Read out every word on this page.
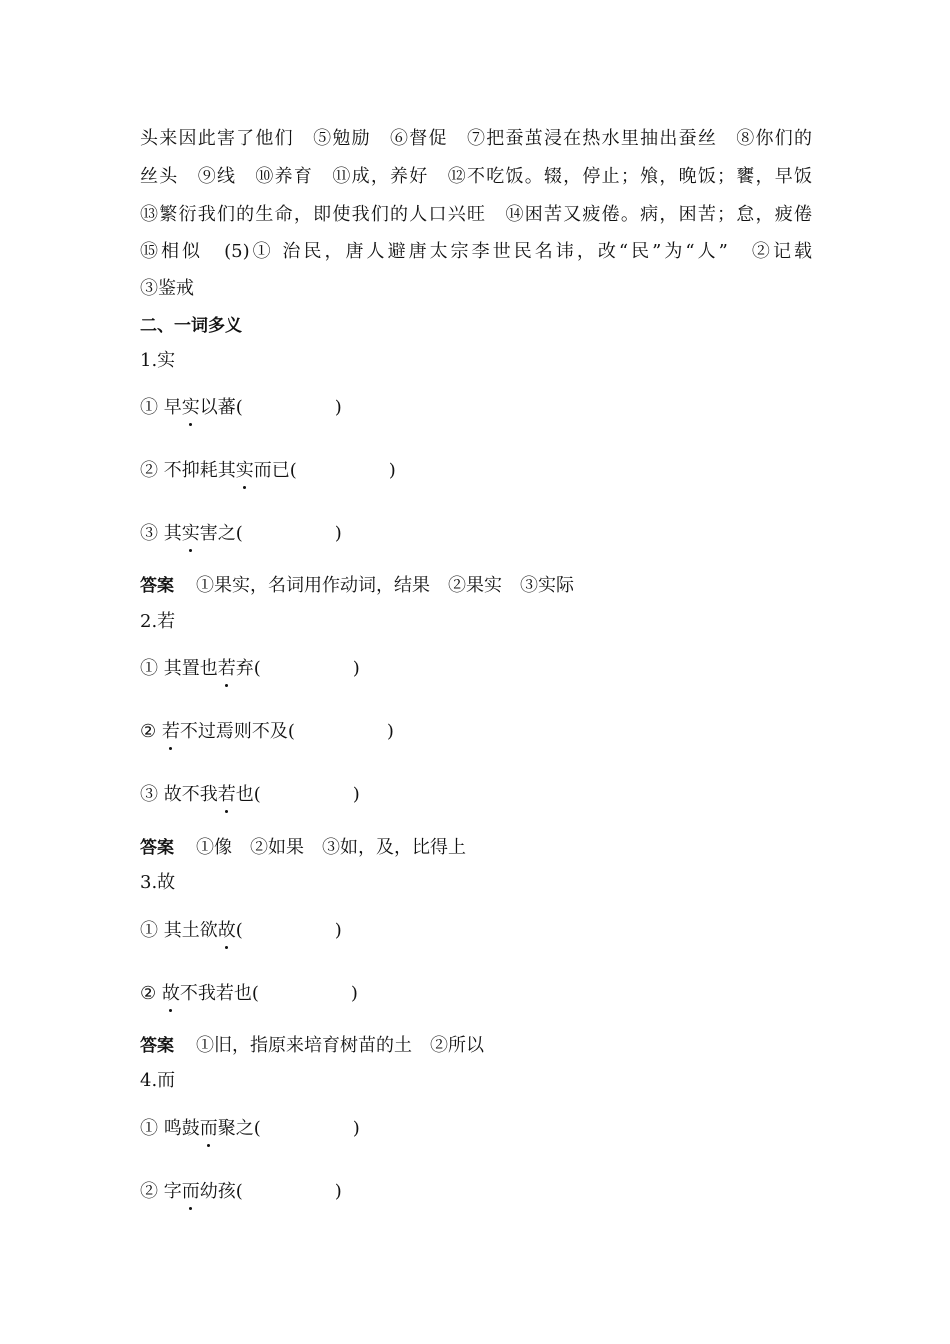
头来因此害了他们　⑤勉励　⑥督促　⑦把蚕茧浸在热水里抽出蚕丝　⑧你们的
丝头　⑨线　⑩养育　⑪成，养好　⑫不吃饭。辍，停止；飧，晚饭；饔，早饭
⑬繁衍我们的生命，即使我们的人口兴旺　⑭困苦又疲倦。病，困苦；怠，疲倦
⑮相似　(5)① 治民，唐人避唐太宗李世民名讳，改“民”为“人”　②记载
③鉴戒
二、一词多义
1.实
① 早实以蕃(	)
② 不抑耗其实而已(	)
③ 其实害之(	)
答案 ①果实，名词用作动词，结果　②果实　③实际
2.若
① 其置也若弃(	)
② 若不过焉则不及(	)
③ 故不我若也(	)
答案 ①像　②如果　③如，及，比得上
3.故
① 其土欲故(	)
② 故不我若也(	)
答案 ①旧，指原来培育树苗的土　②所以
4.而
① 鸣鼓而聚之(	)
② 字而幼孩(	)
